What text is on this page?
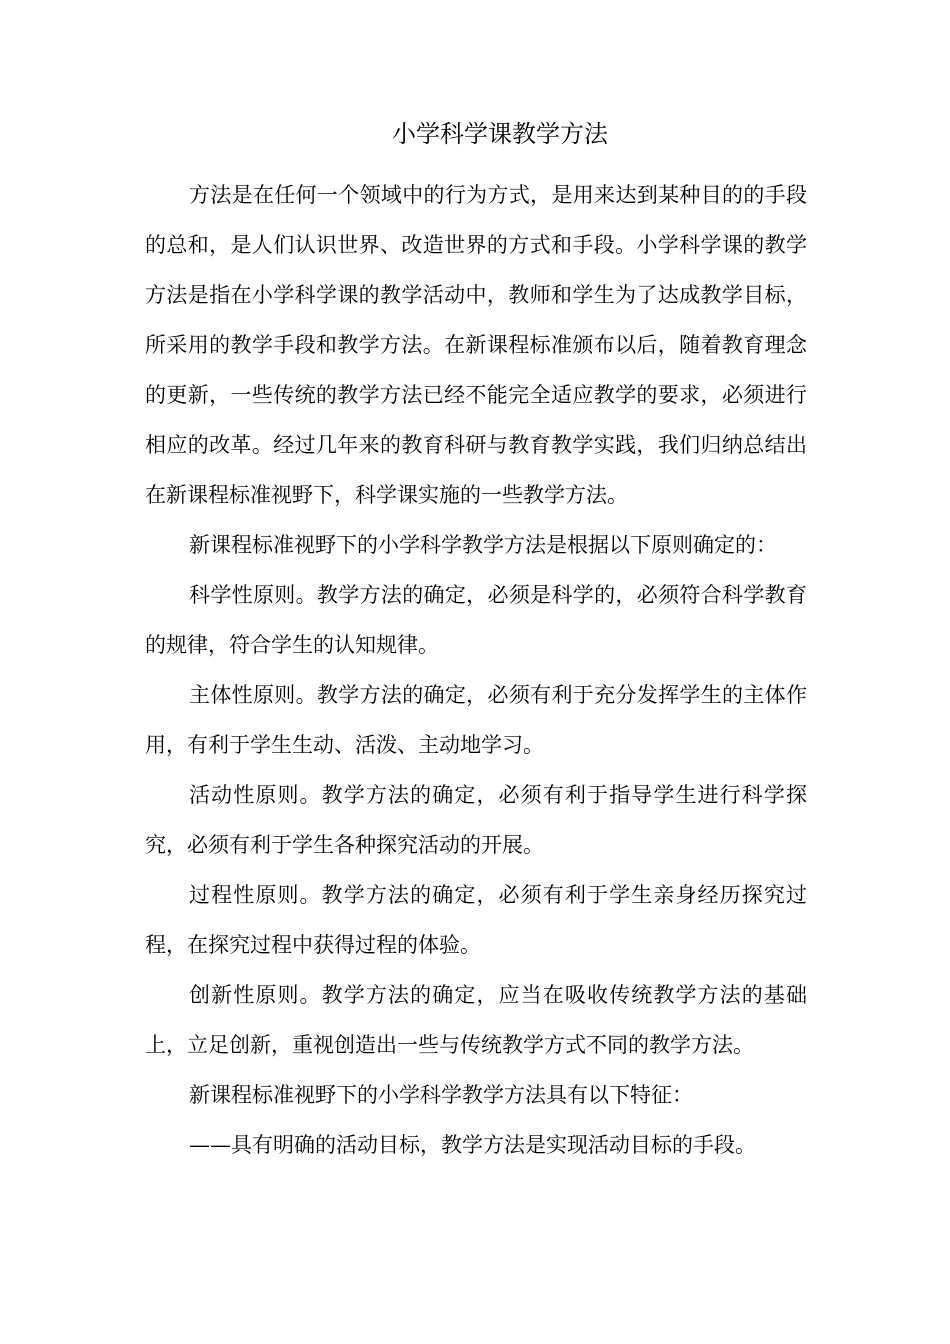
小学科学课教学方法

方法是在任何一个领域中的行为方式，是用来达到某种目的的手段的总和，是人们认识世界、改造世界的方式和手段。小学科学课的教学方法是指在小学科学课的教学活动中，教师和学生为了达成教学目标，所采用的教学手段和教学方法。在新课程标准颁布以后，随着教育理念的更新，一些传统的教学方法已经不能完全适应教学的要求，必须进行相应的改革。经过几年来的教育科研与教育教学实践，我们归纳总结出在新课程标准视野下，科学课实施的一些教学方法。

新课程标准视野下的小学科学教学方法是根据以下原则确定的：

科学性原则。教学方法的确定，必须是科学的，必须符合科学教育的规律，符合学生的认知规律。

主体性原则。教学方法的确定，必须有利于充分发挥学生的主体作用，有利于学生生动、活泼、主动地学习。

活动性原则。教学方法的确定，必须有利于指导学生进行科学探究，必须有利于学生各种探究活动的开展。

过程性原则。教学方法的确定，必须有利于学生亲身经历探究过程，在探究过程中获得过程的体验。

创新性原则。教学方法的确定，应当在吸收传统教学方法的基础上，立足创新，重视创造出一些与传统教学方式不同的教学方法。

新课程标准视野下的小学科学教学方法具有以下特征：

——具有明确的活动目标，教学方法是实现活动目标的手段。
